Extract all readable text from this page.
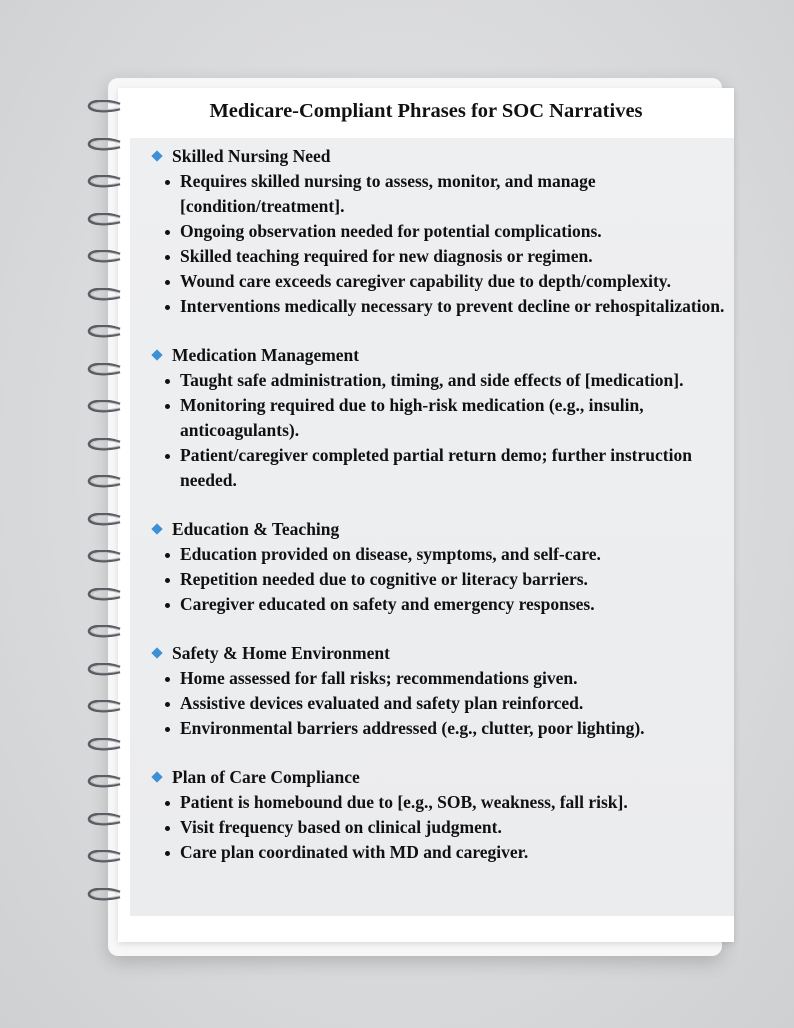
Medicare-Compliant Phrases for SOC Narratives
Skilled Nursing Need
Requires skilled nursing to assess, monitor, and manage [condition/treatment].
Ongoing observation needed for potential complications.
Skilled teaching required for new diagnosis or regimen.
Wound care exceeds caregiver capability due to depth/complexity.
Interventions medically necessary to prevent decline or rehospitalization.
Medication Management
Taught safe administration, timing, and side effects of [medication].
Monitoring required due to high-risk medication (e.g., insulin, anticoagulants).
Patient/caregiver completed partial return demo; further instruction needed.
Education & Teaching
Education provided on disease, symptoms, and self-care.
Repetition needed due to cognitive or literacy barriers.
Caregiver educated on safety and emergency responses.
Safety & Home Environment
Home assessed for fall risks; recommendations given.
Assistive devices evaluated and safety plan reinforced.
Environmental barriers addressed (e.g., clutter, poor lighting).
Plan of Care Compliance
Patient is homebound due to [e.g., SOB, weakness, fall risk].
Visit frequency based on clinical judgment.
Care plan coordinated with MD and caregiver.
